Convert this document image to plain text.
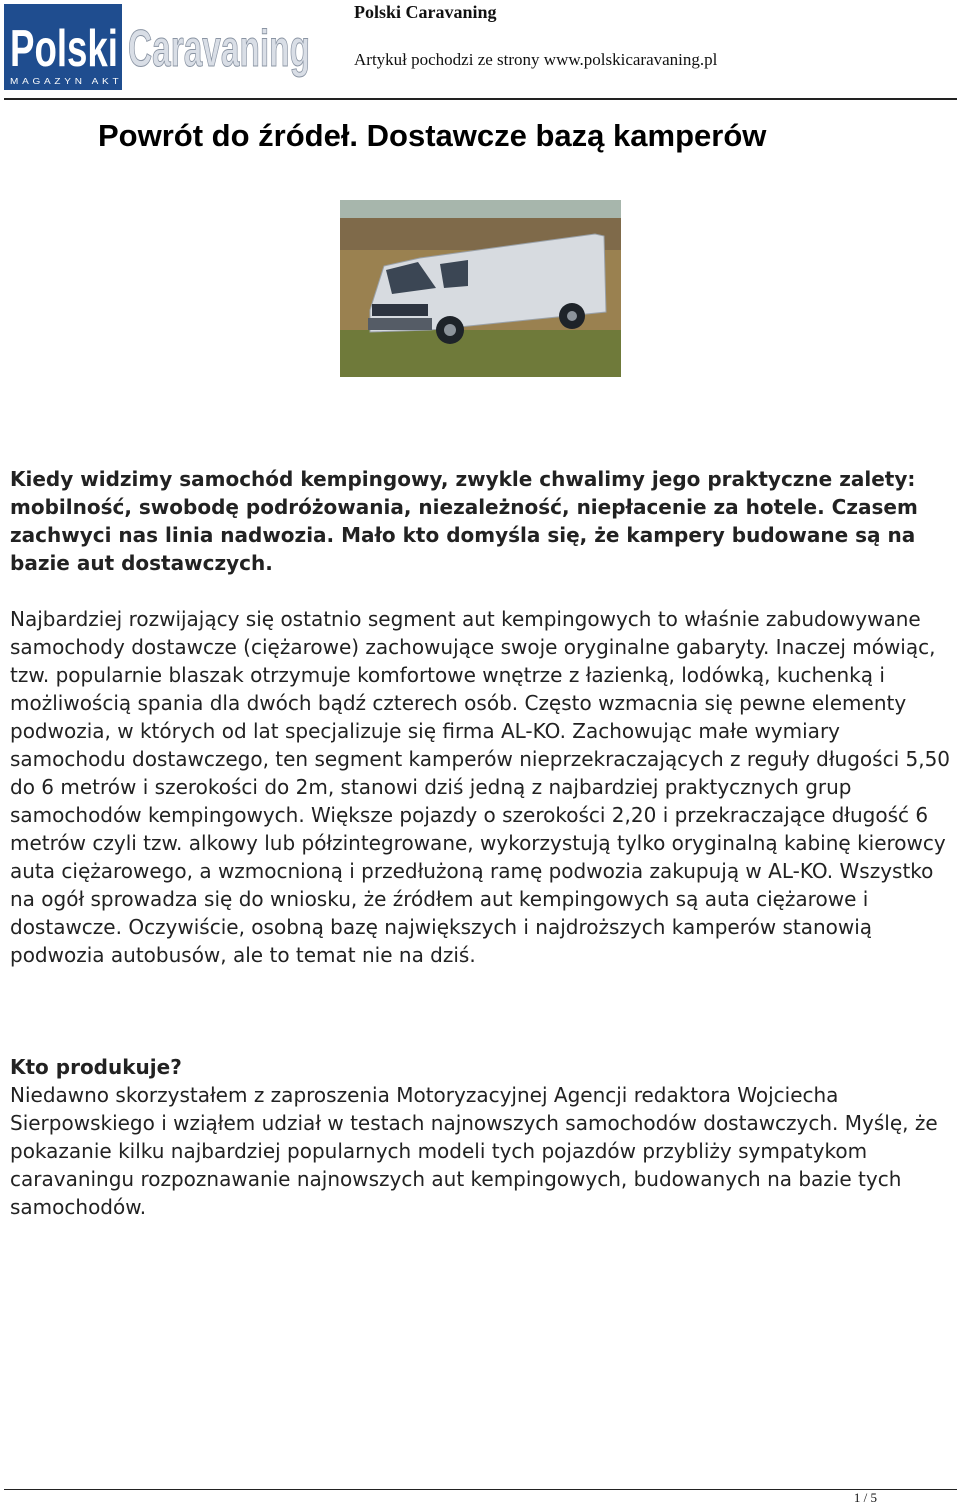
Polski Caravaning
MAGAZYN AKTYWNEGO WYPOCZYNKU
Polski Caravaning
Artykuł pochodzi ze strony www.polskicaravaning.pl
Powrót do źródeł. Dostawcze bazą kamperów

Kiedy widzimy samochód kempingowy, zwykle chwalimy jego praktyczne zalety: mobilność, swobodę podróżowania, niezależność, niepłacenie za hotele. Czasem zachwyci nas linia nadwozia. Mało kto domyśla się, że kampery budowane są na bazie aut dostawczych.

Najbardziej rozwijający się ostatnio segment aut kempingowych to właśnie zabudowywane samochody dostawcze (ciężarowe) zachowujące swoje oryginalne gabaryty. Inaczej mówiąc, tzw. popularnie blaszak otrzymuje komfortowe wnętrze z łazienką, lodówką, kuchenką i możliwością spania dla dwóch bądź czterech osób. Często wzmacnia się pewne elementy podwozia, w których od lat specjalizuje się firma AL-KO. Zachowując małe wymiary samochodu dostawczego, ten segment kamperów nieprzekraczających z reguły długości 5,50 do 6 metrów i szerokości do 2m, stanowi dziś jedną z najbardziej praktycznych grup samochodów kempingowych. Większe pojazdy o szerokości 2,20 i przekraczające długość 6 metrów czyli tzw. alkowy lub półzintegrowane, wykorzystują tylko oryginalną kabinę kierowcy auta ciężarowego, a wzmocnioną i przedłużoną ramę podwozia zakupują w AL-KO. Wszystko na ogół sprowadza się do wniosku, że źródłem aut kempingowych są auta ciężarowe i dostawcze. Oczywiście, osobną bazę największych i najdroższych kamperów stanowią podwozia autobusów, ale to temat nie na dziś.

Kto produkuje?

Niedawno skorzystałem z zaproszenia Motoryzacyjnej Agencji redaktora Wojciecha Sierpowskiego i wziąłem udział w testach najnowszych samochodów dostawczych. Myślę, że pokazanie kilku najbardziej popularnych modeli tych pojazdów przybliży sympatykom caravaningu rozpoznawanie najnowszych aut kempingowych, budowanych na bazie tych samochodów.

1 / 5
